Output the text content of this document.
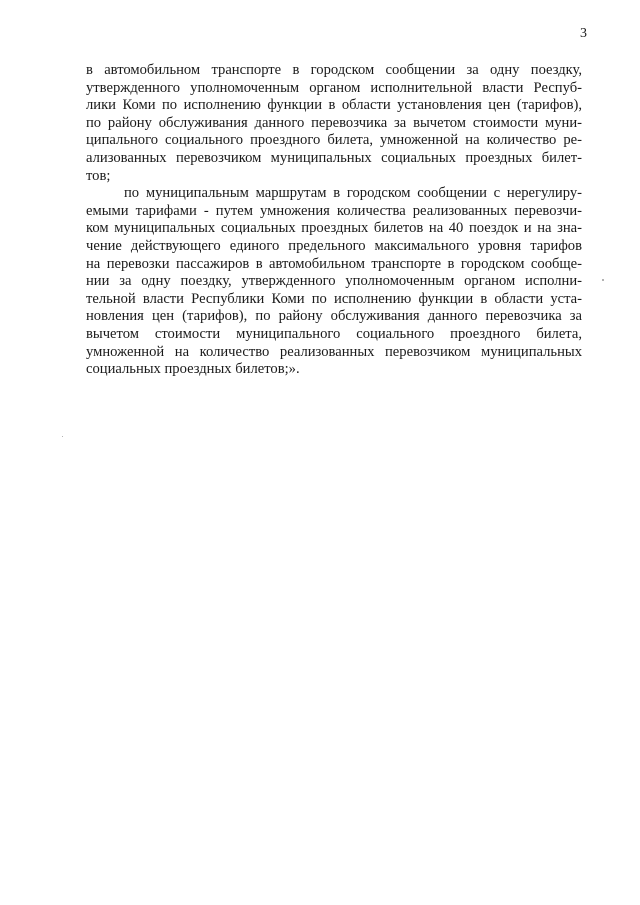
3
в автомобильном транспорте в городском сообщении за одну поездку,
утвержденного уполномоченным органом исполнительной власти Респуб-
лики Коми по исполнению функции в области установления цен (тарифов),
по району обслуживания данного перевозчика за вычетом стоимости муни-
ципального социального проездного билета, умноженной на количество ре-
ализованных перевозчиком муниципальных социальных проездных билет-
тов;
по муниципальным маршрутам в городском сообщении с нерегулиру-
емыми тарифами - путем умножения количества реализованных перевозчи-
ком муниципальных социальных проездных билетов на 40 поездок и на зна-
чение действующего единого предельного максимального уровня тарифов
на перевозки пассажиров в автомобильном транспорте в городском сообще-
нии за одну поездку, утвержденного уполномоченным органом исполни-
тельной власти Республики Коми по исполнению функции в области уста-
новления цен (тарифов), по району обслуживания данного перевозчика за
вычетом стоимости муниципального социального проездного билета,
умноженной на количество реализованных перевозчиком муниципальных
социальных проездных билетов;».
